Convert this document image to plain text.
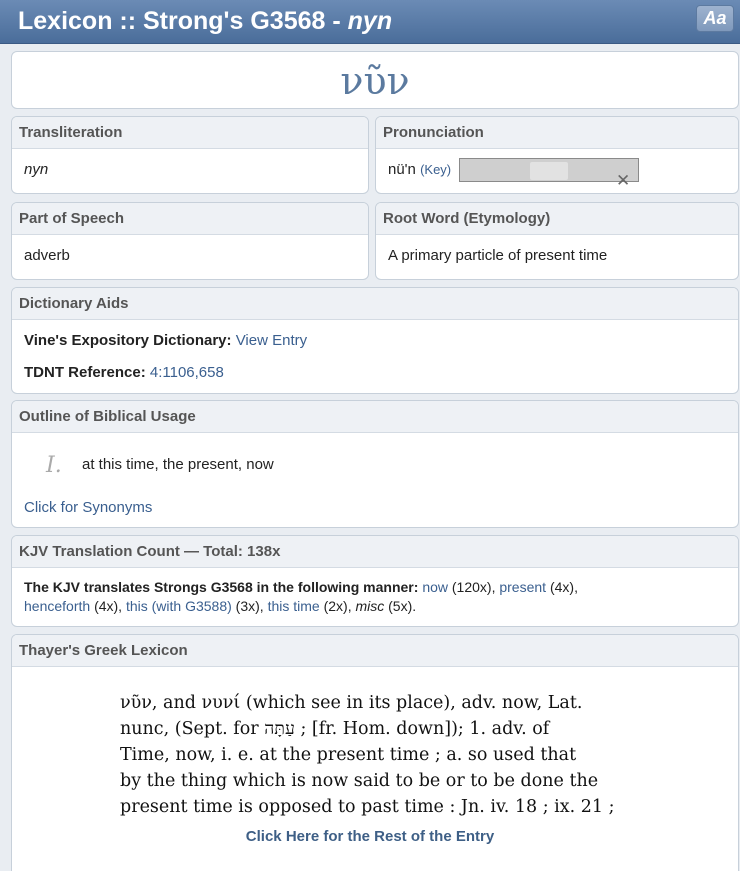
Lexicon :: Strong's G3568 - nyn	Aa
νῦν
Transliteration
nyn
Pronunciation
nü'n (Key)
✕
Part of Speech
adverb
Root Word (Etymology)
A primary particle of present time
Dictionary Aids
Vine's Expository Dictionary: View Entry
TDNT Reference: 4:1106,658
Outline of Biblical Usage
I. at this time, the present, now
Click for Synonyms
KJV Translation Count — Total: 138x
The KJV translates Strongs G3568 in the following manner: now (120x), present (4x),
henceforth (4x), this (with G3588) (3x), this time (2x), misc (5x).
Thayer's Greek Lexicon

νῦν, and νυνί (which see in its place), adv. now, Lat.

nunc, (Sept. for עַתָּה ; [fr. Hom. down]); 1. adv. of

Time, now, i. e. at the present time ; a. so used that

by the thing which is now said to be or to be done the

present time is opposed to past time : Jn. iv. 18 ; ix. 21 ;

Click Here for the Rest of the Entry
